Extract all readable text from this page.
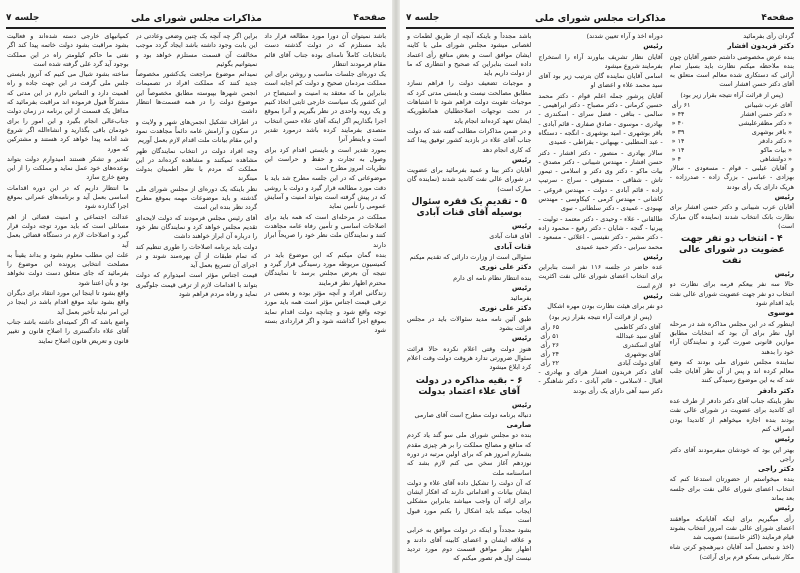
صفحه۴
مذاکرات مجلس شورای ملی
جلسه ۷

باشد نمیتوان آن دورا مورد مطالعه قرار داد باید مستلزم که در دولت گذشته دست بانتخابات کاملاً نامه‌ای بوده جناب آقای قائم مقام فرمودند انتظار

یک دوره‌ای جلسات مناسب و روشن برای این مملکت مردمان صحیح و دولت کم اجابه است بنابراین ما که معتقد به امنیت و استیضاح در این کشور یک سیاست خارجی ثابتی اتخاذ کنیم و یک رویه واحدی در نظر بگیریم و آنرا بموقع اجرا بگذاریم اگر اینکه آقای علاء حسن انتخاب متصدی بفرمایند کرده باشد درمورد تقدیر است و باینطر آنرا

بمورد تقدیر است و بایستی اقدام کرد برای وصول به تجارت و حفظ و حراست این نظریات امروز مطرح است

موضوعاتی که در این جلسه مطرح شد باید با دقت مورد مطالعه قرار گیرد و دولت با روشی که در پیش گرفته است بتواند امنیت و آسایش عمومی را تأمین نماید

مملکت در مرحله‌ای است که همه باید برای اصلاحات اساسی و تأمین رفاه عامه مجاهدت کنند و نمایندگان ملت نظر خود را صریحاً ابراز دارند

بنده گمان میکنم که این موضوع باید در کمیسیون مربوطه مورد رسیدگی قرار گیرد و نتیجه آن بعرض مجلس برسد تا نمایندگان محترم اظهار نظر فرمایند

زندگانی افراد و آنچه مؤثر بوده و بعضی در ترقی قیمت اجناس مؤثر است همه باید مورد توجه واقع شود و چنانچه دولت اقدام نماید بموقع اجرا گذاشته شود و اگر قرارداد‌ی بسته شود

براین اگر چه آنچه یک چنین وضعی وعادتی در این بابت وجود داشته باشد ایجاد گردد موجب مخالفت آن قسمت مستلزم خواهد بود و نمیتوانیم بگوئیم

نمیدانم موضوع مراجعت یک‌کشور مخصوصاً جدید کنند که مملکت افراد در تصمیمات انجمن شهرها بپیوسته مطابق مخصوصاً این موضوع دولت را در همه قسمت‌ها انتظار داشت

در اطراف تشکیل انجمن‌های شهر و ولایت و در سکون و آرامش عامه دائماً مجاهدت نمود و این مقام بیانات ملت اقدام لازم بعمل آوریم

وجه افراد دولت در انتخاب نمایندگان ظهر مشاهده نمیکنند و مشاهده کرده‌اند در این مملکت که مردم با نظر اطمینان بدولت مینگرند

نظر باینکه یک دوره‌ای از مجلس شورای ملی گذشته و باید موضوعات مهمه بموقع مطرح گردد نظر بنده این است

آقای رئیس مجلس فرمودند که دولت لایحه‌ای تقدیم مجلس خواهد کرد و نمایندگان نظر خود را درباره آن ابراز خواهند داشت

دولت باید برنامه اصلاحات را طوری تنظیم کند که تمام طبقات از آن بهره‌مند شوند و در اجرای آن تسریع بعمل آید

قیمت اجناس مؤثر است امیدوارم که دولت بتواند با اقدامات لازم از ترقی قیمت جلوگیری نماید و رفاه مردم فراهم شود

کمپانیهای خارجی دسته شده‌اند و فعالیت بشود مراقبت بشود دولت خاتمه پیدا کند اگر نفتی ما حاکم کیلومتر راه در این مملکت بوجود آید گرد علی گرفته شده است

ساخته بشود شیال می کنیم که آنروز بایستی جلس ملی گرفت در این جهت جاده و راه اهمیت دارد و التماس دارم در این مدتی که مشترکاً قبول فرموده اند مراقبت بفرمائید که مداقل یک قسمت از این برنامه در زمان دولت جناب‌عالی انجام بگیرد و این امور را برای خودمان باقی بگذارید و انشاءالله اگر شروع شد ادامه پیدا خواهد کرد هستند و مشترکین که مورد

تقدیر و تشکر هستند امیدوارم دولت بتواند بوعده‌های خود عمل نماید و مملکت را از این وضع خارج سازد

ما انتظار داریم که در این دوره اقدامات اساسی بعمل آید و برنامه‌های عمرانی بموقع اجرا گذارده شود

عدالت اجتماعی و امنیت قضائی از اهم مسائلی است که باید مورد توجه دولت قرار گیرد و اصلاحات لازم در دستگاه قضائی بعمل آید

علت این مطلب معلوم بشود و بداند یقیناً به مصلحت انتخابی پرونده این موضوع را بفرمائید که جای متعلق دست دولت نخواهد بود و بآن اعتنا شود

واقع بشود تا اینجا این مورد انتقاد برای دیگران واقع بشود نباید موقع اقدام باشد در اینجا در این امر نباید تأخیر بعمل آید

واضع باشد که اگر کمیته‌ای داشته باشد جناب آقای علاء دادگستری را اصلاح قانون و تغییر قانون و تعریض قانون اصلاح نمایند

صفحه۴
مذاکرات مجلس شورای ملی
جلسه ۷

گردان رأی بفرمائید

دکتر فریدون افشار

بنده عرض مخصوصی داشتم حضور آقایان چون بنده ملاحظه میکنم نظارت باید بسیار تمام آرائی که دستکاری شده معالم است متعلق به آقای دکتر حسن افشار است

(پس از قرائت آراء نتیجه بقرار زیر بود)

آقای عرب شیبانی	۶۱ رأی
« دکتر حسن افشار	۴۴ «
« دکتر مظفرعلیشی	۴۰ «
« باقر بوشهری	۳۹ «
« دکتر دادفر	۱۴ «
« بیات ماکو	۱۴ «
« دولتشاهی	۴ «

و آقایان عیلبی - قوام - مسعودی - سالار بهزادی - عباسی - بزرگ زاده - صدرزاده - هریک دارای یک رأی بودند

رئیس

آقایان عرب شیبانی و دکتر حسن افشار برای نظارت بانک انتخاب شدند (نماینده گان مبارک است)

۴ - انتخاب دو نفر جهت عضویت در شورای عالی نفت

رئیس

حالا سه نفر بیعکم فرمه برای نظارت دو انتخاب دو نفر جهت عضویت شورای عالی نفت باید اقدام شود

موسوی

اینطور که در این مجلس مذاکره شد در مرحله اول نظر برای آن بود که انتخابات مطابق موازین قانونی صورت گیرد و نمایندگان آراء خود را بدهند

نماینده مجلس شورای ملی بودند که وضع معالم کرده اند و پس از آن نظر آقایان جلب شد که به این موضوع رسیدگی کنند

دکتر دادفر

نظر باینکه جناب آقای دکتر دادفر از طرف عده ای کاندید برای عضویت در شورای عالی نفت بودند بنده اجازه میخواهم از کاندیدا بودن انصراف کنم

رئیس

بهتر این بود که خودشان میفرمودند آقای دکتر راجی

دکتر راجی

بنده میخواستم از حضورتان استدعا کنم که انتخاب اعضای شورای عالی نفت برای جلسه بعد بماند

رئیس

رأی میگیریم برای اینکه آقایانیکه موافقند اعضای شورای عالی نفت امروز انتخاب بشوند قیام فرمایند (اکثر خاستند) تصویب شد

(اخذ و تحصیل آمد آقایان دبیرهمچو کرتن شاه مکار شیبانی بسکو فرم برای آرائت)

دوراه اخذ و آراء تعیین شدند)

رئیس

آقایان نظار تشریف بیاورند آراء را استخراج بفرمایند شروع میشود

اسامی آقایان نماینده گان بترتیب زیر بود آقای سید محمد علاء و اعضای او

آقایان پرشور جمله اعلم قوام - دکتر محمد حسین کرمانی - دکتر مصباح - دکتر ابراهیمی - سالمی - بنافی - فضل سرای - اسکندری - بهادری - موسوی - صادق صفاری - قائم آبادی - باقر بوشهری - امید بوشهری - انگجه - دستگاه - عبد المطلبی - بهبهانی - بقراطی - عمیدی

سالار بهادری - منصور - دکتر افشار - دکتر حسن افشار - مهندس شیبانی - دکتر مصدق - بیات ماکو - دکتر وی دکتر و اسلامی - تیمور تاش - شفاقی - مستوفی - سراج - سرتیپ زاده - قائم آبادی - دولت - مهندس فروغی - کاشانی - مهندس کرمی - کیکاوسی - مهندس بهبودی - عمیدی - دکتر سلطانی - نبوی

طالقانی - علاء - وحیدی - دکتر معتمد - تولیت - پیرنیا - گنجه - شایان - دکتر رفیع - محمود زاده - دکتر مشیر - دکتر نفیسی - اعلائی - مسعود - محمد سرابی - دکتر حمید عمیدی

رئیس

عده حاضر در جلسه ۱۱۶ نفر است بنابراین برای انتخاب اعضای شورای عالی نفت اکثریت لازم است

رئیس

دو نفر برای هیئت نظارت بودن مهره اشکال

(پس از قرائت آراء نتیجه بقرار زیر بود)

آقای دکتر کاظمی	۶۵ رأی
آقای سید عبدالله	۵۱ رأی
آقای اسکندری	۲۶ رأی
آقای بوشهری	۲۴ رأی
آقای دولت آبادی	۲۲ رأی

آقای دکتر فریدون افشار هرای و بهادری - اقبال - لاسلامی - قائم آبادی - دکتر شاهنگر - دکتر سید آهی دارای یک رأی بودند

باشد مجدداً و باینکه آنچه از طریق لطمات و لغصانی میشود مجلس شورای ملی با کاینه ایشان موافق است و بعض منافع رأی اعتماد داده است بنابراین که صحیح و انتظاری که ما از دولت داریم باید

و موجبات تضعیف دولت را فراهم نسازد مطابق مصالحت نیست و بایستی مدتی کرد که موجبات تقویت دولت فراهم شود تا اشتباهات در تحت توجهات اصلاحطلبان همانطوریکه ایشان تعهد کرده‌اند انجام یابد

و در ضمن مذاکرات مطالب گفته شد که دولت جناب آقای علاء در بازدید کشور توفیق پیدا کند که کاری انجام دهد

رئیس

آقایان دکتر بینا و عمید بفرمائید برای عضویت در شورای عالی نفت کاندید شدند (نماینده گان مبارک است)

۵ - تقدیم یک فقره سئوال بوسیله آقای قنات آبادی

رئیس

آقای قنات آبادی

قنات آبادی

سئوالی است از وزارت دارائی که تقدیم میکنم

دکتر علی نوری

بنده انتظار نظام نامه ای دارم

رئیس

بفرمائید

دکتر علی نوری

طبق آئین نامه مدید سئوالات باید در مجلس قرائت بشود

رئیس

هنوز دولت وقتی اعلام نکرده حالا قرائت سئوال ضرورتی ندارد هروقت دولت وقت اعلام کرد ابلاغ میشود

۶ - بقیه مذاکره در دولت آقای علاء اعتماد بدولت

رئیس

دنباله برنامه دولت مطرح است آقای صارمی

صارمی

بنده دو مجلس شورای ملی سو گند یاد کردم که منافع و مصالح مملکت را بر هر چیزی مقدم بشمارم امروز هم که برای اولین مرتبه در دوره نوزدهم آغاز سخن می کنم لازم بشد که اساسنامه ملت

که آن دولت را تشکیل داده آقای علاء و دولت ایشان بیانات و اقداماتی دارند که افکار ایشان برای ارائه آن واجب میباشد بنابراین مشکلی ایجاب میکند باید اشکال را بکنم مورد قبول است

بشود مجدداً و اینکه در دولت موافق به خرابی و علاقه ایشان و اعضای کابینه آقای دادند و اظهار نظر موافق قسمت دوم مورد تردید نیست اول هم تصور میکنم که
